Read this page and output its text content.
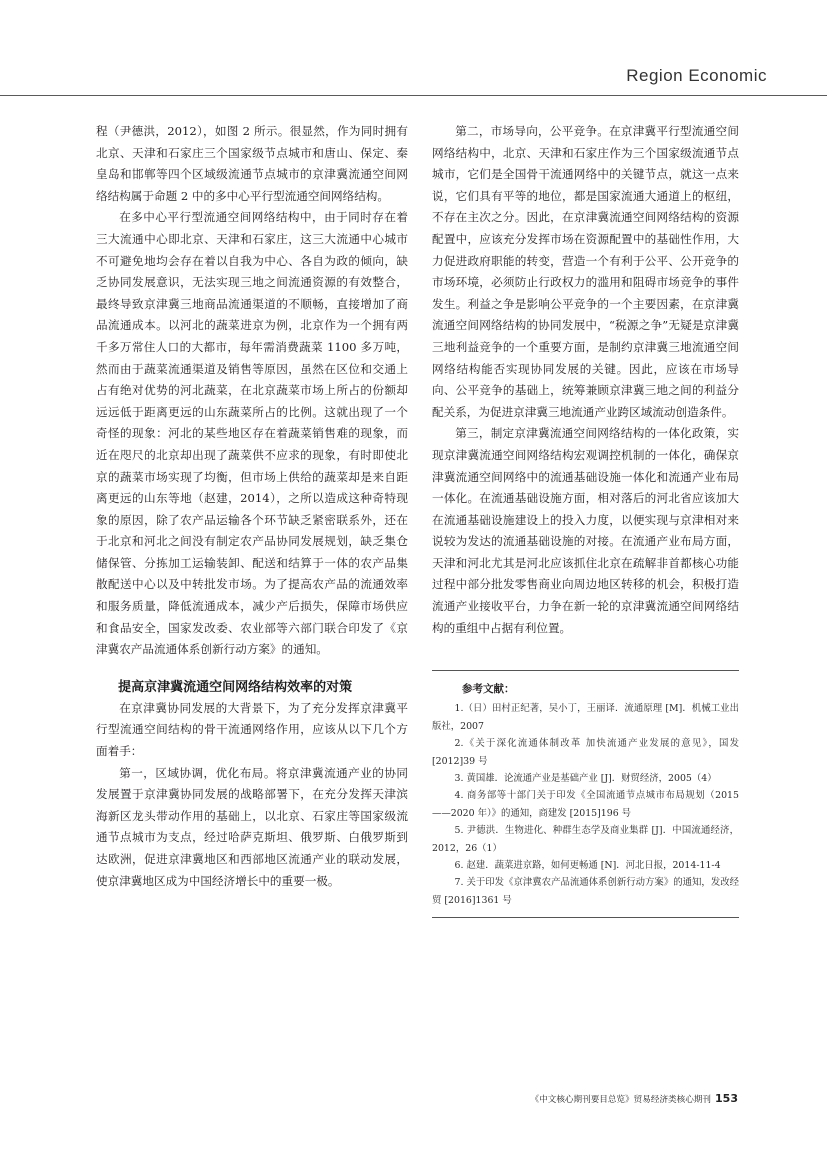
Region Economic

程（尹德洪，2012），如图 2 所示。很显然，作为同时拥有北京、天津和石家庄三个国家级节点城市和唐山、保定、秦皇岛和邯郸等四个区域级流通节点城市的京津冀流通空间网络结构属于命题 2 中的多中心平行型流通空间网络结构。

在多中心平行型流通空间网络结构中，由于同时存在着三大流通中心即北京、天津和石家庄，这三大流通中心城市不可避免地均会存在着以自我为中心、各自为政的倾向，缺乏协同发展意识，无法实现三地之间流通资源的有效整合，最终导致京津冀三地商品流通渠道的不顺畅，直接增加了商品流通成本。以河北的蔬菜进京为例，北京作为一个拥有两千多万常住人口的大都市，每年需消费蔬菜 1100 多万吨，然而由于蔬菜流通渠道及销售等原因，虽然在区位和交通上占有绝对优势的河北蔬菜，在北京蔬菜市场上所占的份额却远远低于距离更远的山东蔬菜所占的比例。这就出现了一个奇怪的现象：河北的某些地区存在着蔬菜销售难的现象，而近在咫尺的北京却出现了蔬菜供不应求的现象，有时即使北京的蔬菜市场实现了均衡，但市场上供给的蔬菜却是来自距离更远的山东等地（赵建，2014），之所以造成这种奇特现象的原因，除了农产品运输各个环节缺乏紧密联系外，还在于北京和河北之间没有制定农产品协同发展规划，缺乏集仓储保管、分拣加工运输装卸、配送和结算于一体的农产品集散配送中心以及中转批发市场。为了提高农产品的流通效率和服务质量，降低流通成本，减少产后损失，保障市场供应和食品安全，国家发改委、农业部等六部门联合印发了《京津冀农产品流通体系创新行动方案》的通知。

提高京津冀流通空间网络结构效率的对策

在京津冀协同发展的大背景下，为了充分发挥京津冀平行型流通空间结构的骨干流通网络作用，应该从以下几个方面着手：

第一，区域协调，优化布局。将京津冀流通产业的协同发展置于京津冀协同发展的战略部署下，在充分发挥天津滨海新区龙头带动作用的基础上，以北京、石家庄等国家级流通节点城市为支点，经过哈萨克斯坦、俄罗斯、白俄罗斯到达欧洲，促进京津冀地区和西部地区流通产业的联动发展，使京津冀地区成为中国经济增长中的重要一极。

第二，市场导向，公平竞争。在京津冀平行型流通空间网络结构中，北京、天津和石家庄作为三个国家级流通节点城市，它们是全国骨干流通网络中的关键节点，就这一点来说，它们具有平等的地位，都是国家流通大通道上的枢纽，不存在主次之分。因此，在京津冀流通空间网络结构的资源配置中，应该充分发挥市场在资源配置中的基础性作用，大力促进政府职能的转变，营造一个有利于公平、公开竞争的市场环境，必须防止行政权力的滥用和阻碍市场竞争的事件发生。利益之争是影响公平竞争的一个主要因素，在京津冀流通空间网络结构的协同发展中，“税源之争”无疑是京津冀三地利益竞争的一个重要方面，是制约京津冀三地流通空间网络结构能否实现协同发展的关键。因此，应该在市场导向、公平竞争的基础上，统筹兼顾京津冀三地之间的利益分配关系，为促进京津冀三地流通产业跨区域流动创造条件。

第三，制定京津冀流通空间网络结构的一体化政策，实现京津冀流通空间网络结构宏观调控机制的一体化，确保京津冀流通空间网络中的流通基础设施一体化和流通产业布局一体化。在流通基础设施方面，相对落后的河北省应该加大在流通基础设施建设上的投入力度，以便实现与京津相对来说较为发达的流通基础设施的对接。在流通产业布局方面，天津和河北尤其是河北应该抓住北京在疏解非首都核心功能过程中部分批发零售商业向周边地区转移的机会，积极打造流通产业接收平台，力争在新一轮的京津冀流通空间网络结构的重组中占据有利位置。

参考文献：

1.（日）田村正纪著，吴小丁，王丽译．流通原理 [M]．机械工业出版社，2007

2.《关于深化流通体制改革 加快流通产业发展的意见》，国发 [2012]39 号

3. 黄国雄．论流通产业是基础产业 [J]．财贸经济，2005（4）

4. 商务部等十部门关于印发《全国流通节点城市布局规划（2015——2020 年）》的通知，商建发 [2015]196 号

5. 尹德洪．生物进化、种群生态学及商业集群 [J]．中国流通经济，2012，26（1）

6. 赵建．蔬菜进京路，如何更畅通 [N]．河北日报，2014-11-4

7. 关于印发《京津冀农产品流通体系创新行动方案》的通知，发改经贸 [2016]1361 号

《中文核心期刊要目总览》贸易经济类核心期刊 153
